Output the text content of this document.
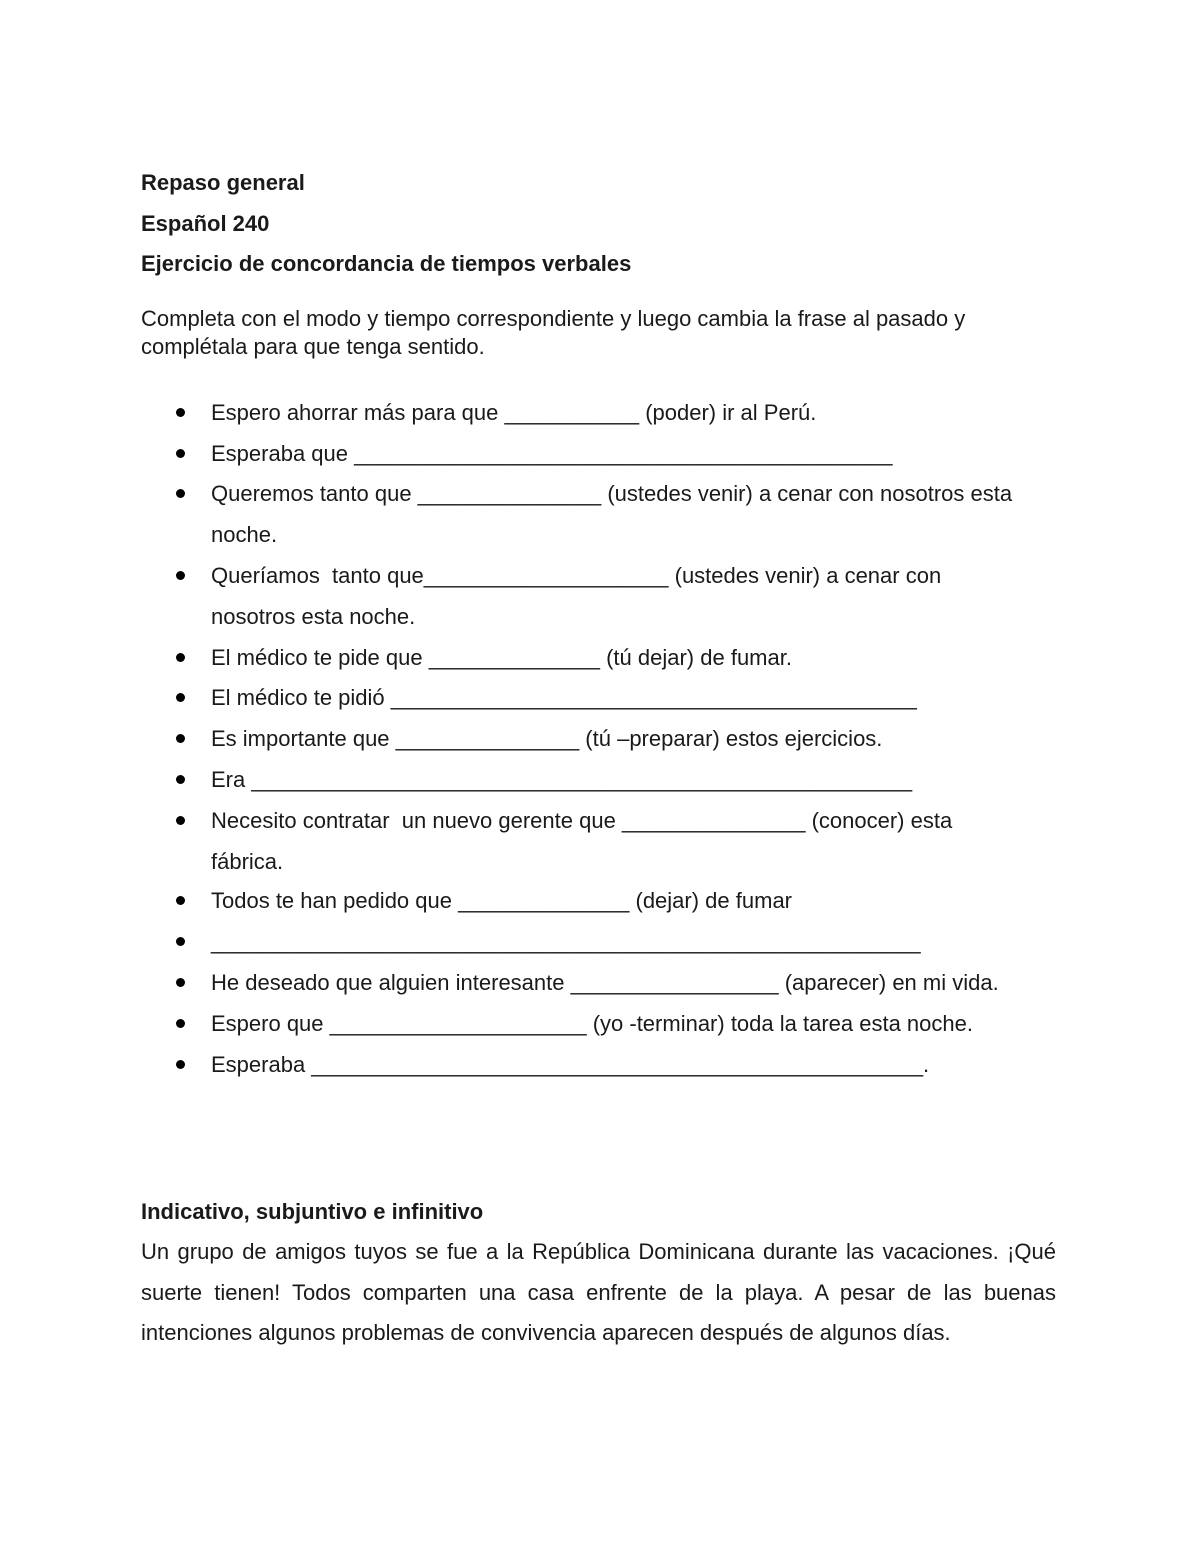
Repaso general
Español 240
Ejercicio de concordancia de tiempos verbales
Completa con el modo y tiempo correspondiente y luego cambia la frase al pasado y complétala para que tenga sentido.
Espero ahorrar más para que ___________ (poder) ir al Perú.
Esperaba que ____________________________________________
Queremos tanto que _______________ (ustedes venir) a cenar con nosotros esta noche.
Queríamos  tanto que____________________ (ustedes venir) a cenar con nosotros esta noche.
El médico te pide que ______________ (tú dejar) de fumar.
El médico te pidió ___________________________________________
Es importante que _______________ (tú –preparar) estos ejercicios.
Era ______________________________________________________
Necesito contratar  un nuevo gerente que _______________ (conocer) esta fábrica.
Todos te han pedido que ______________ (dejar) de fumar
__________________________________________________________
He deseado que alguien interesante _________________ (aparecer) en mi vida.
Espero que _____________________ (yo -terminar) toda la tarea esta noche.
Esperaba __________________________________________________.
Indicativo, subjuntivo e infinitivo
Un grupo de amigos tuyos se fue a la República Dominicana durante las vacaciones. ¡Qué suerte tienen! Todos comparten una casa enfrente de la playa. A pesar de las buenas intenciones algunos problemas de convivencia aparecen después de algunos días.
